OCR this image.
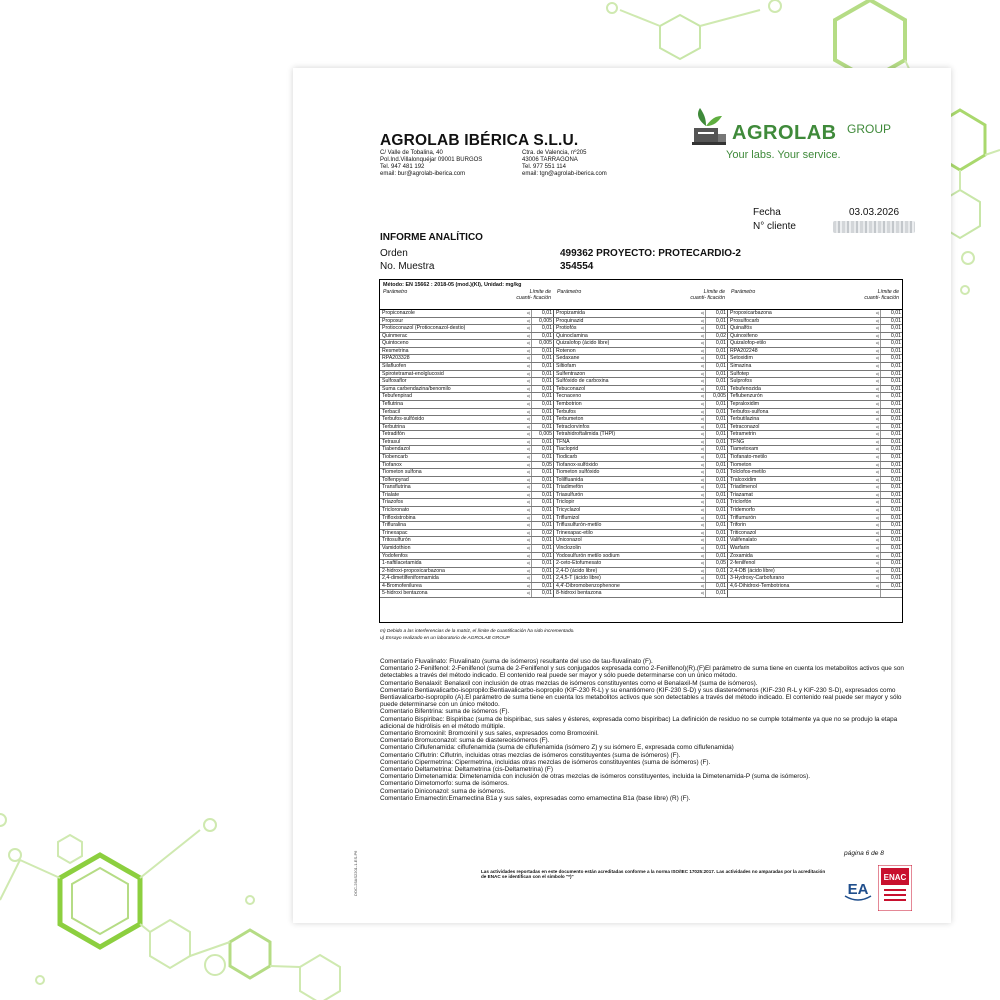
AGROLAB IBÉRICA S.L.U.
C/ Valle de Tobalina, 40
Pol.Ind.Villalonquéjar 09001 BURGOS
Tel. 947 481 192
email: bur@agrolab-iberica.com
Ctra. de Valencia, nº205
43006 TARRAGONA
Tel. 977 551 114
email: tgn@agrolab-iberica.com
AGROLAB GROUP
Your labs. Your service.
Fecha	03.03.2026
N° cliente
INFORME ANALÍTICO
Orden	499362 PROYECTO: PROTECARDIO-2
No. Muestra	354554
Método: EN 15662 : 2018-05 (mod.)(KI), Unidad: mg/kg
Parámetro	Límite de cuanti- ficación
Parámetro	Límite de cuanti- ficación
Parámetro	Límite de cuanti- ficación
Propiconazole	u)	0,01 Propizamida	u)	0,01 Propoxicarbazona	u)	0,01
Propoxur	u)	0,005 Proquinazid	u)	0,01 Prosulfocarb	u)	0,01
Protioconazol (Protioconazol-destio)	u)	0,01 Protiofós	u)	0,01 Quinalfós	u)	0,01
Quinmerac	u)	0,01 Quinoclamina	u)	0,02 Quinoxifeno	u)	0,01
Quintoceno	u)	0,005 Quizalofop (ácido libre)	u)	0,01 Quizalofop-etilo	u)	0,01
Resmetrina	u)	0,01 Rotenon	u)	0,01 RPA202248	u)	0,01
RPA203328	u)	0,01 Sedaxane	u)	0,01 Setoxidim	u)	0,01
Silafluofen	u)	0,01 Siltiofam	u)	0,01 Simazina	u)	0,01
Spirotetramat-enolglucosid	u)	0,01 Sulfentrazon	u)	0,01 Sulfotep	u)	0,01
Sulfoxaflor	u)	0,01 Sulfóxido de carboxina	u)	0,01 Sulprofos	u)	0,01
Suma carbendazina/benomilo	u)	0,01 Tebuconazol	u)	0,01 Tebufenozida	u)	0,01
Tebufenpirad	u)	0,01 Tecnaceno	u)	0,005 Teflubenzurón	u)	0,01
Teflutrina	u)	0,01 Tembotrion	u)	0,01 Tepraloxidim	u)	0,01
Terbacil	u)	0,01 Terbufos	u)	0,01 Terbufos-sulfona	u)	0,01
Terbufos-sulfóxido	u)	0,01 Terbumeton	u)	0,01 Terbutilazina	u)	0,01
Terbutrina	u)	0,01 Tetraclorvinfos	u)	0,01 Tetraconazol	u)	0,01
Tetradifón	u)	0,005 Tetrahidroftalimida (THPI)	u)	0,01 Tetrametrin	u)	0,01
Tetrasul	u)	0,01 TFNA	u)	0,01 TFNG	u)	0,01
Tiabendazol	u)	0,01 Tiacloprid	u)	0,01 Tiametoxam	u)	0,01
Tiobencarb	u)	0,01 Tiodicarb	u)	0,01 Tiofanato-metilo	u)	0,01
Tiofanox	u)	0,05 Tiofanox-sulfóxido	u)	0,01 Tiometon	u)	0,01
Tiometon sulfona	u)	0,01 Tiometon sulfóxido	u)	0,01 Tolclofos-metilo	u)	0,01
Tolfenpyrad	u)	0,01 Tolilfluanida	u)	0,01 Tralcoxidim	u)	0,01
Transflutrina	u)	0,01 Triadimefón	u)	0,01 Triadimenol	u)	0,01
Trialate	u)	0,01 Triasulfurón	u)	0,01 Triazamat	u)	0,01
Triazofos	u)	0,01 Triclopir	u)	0,01 Triclorfón	u)	0,01
Tricloronato	u)	0,01 Tricyclazol	u)	0,01 Tridemorfo	u)	0,01
Trifloxistrobina	u)	0,01 Triflumizol	u)	0,01 Triflumurón	u)	0,01
Trifluralina	u)	0,01 Triflusulfurón-metilo	u)	0,01 Triforin	u)	0,01
Trinexapac	u)	0,02 Trinexapac-etilo	u)	0,01 Triticonazol	u)	0,01
Tritosulfurón	u)	0,01 Uniconazol	u)	0,01 Valifenalato	u)	0,01
Vamidothion	u)	0,01 Vinclozolin	u)	0,01 Warfarin	u)	0,01
Yodofenfos	u)	0,01 Yodosulfurón metilo sodium	u)	0,01 Zoxamida	u)	0,01
1-naftilacetamida	u)	0,01 2-ceto-Etofumesato	u)	0,05 2-fenilfenol	u)	0,01
2-hidroxi-propoxicarbazona	u)	0,01 2,4-D (ácido libre)	u)	0,01 2,4-DB (ácido libre)	u)	0,01
2,4-dimetilfeniformamida	u)	0,01 2,4,5-T (ácido libre)	u)	0,01 3-Hydroxy-Carbofurano	u)	0,01
4-Bromofenilurea	u)	0,01 4,4'-Dibromobenzophenone	u)	0,01 4,6-Dihidroxi-Tembotriona	u)	0,01
5-hidroxi bentazona	u)	0,01 8-hidroxi bentazona	u)	0,01
m) Debido a las interferencias de la matriz, el límite de cuantificación ha sido incrementado.
u) Ensayo realizado en un laboratorio de AGROLAB GROUP
Comentario Fluvalinato: Fluvalinato (suma de isómeros) resultante del uso de tau-fluvalinato (F).
Comentario 2-Fenilfenol: 2-Fenilfenol (suma de 2-Fenilfenol y sus conjugados expresada como 2-Fenilfenol)(R).(F)El parámetro de suma tiene en cuenta los metabolitos activos que son detectables a través del método indicado. El contenido real puede ser mayor y sólo puede determinarse con un único método.
Comentario Benalaxil: Benalaxil con inclusión de otras mezclas de isómeros constituyentes como el Benalaxil-M (suma de isómeros).
Comentario Bentiavalicarbo-isopropilo:Bentiavalicarbo-isopropilo (KIF-230 R-L) y su enantiómero (KIF-230 S-D) y sus diastereómeros (KIF-230 R-L y KIF-230 S-D), expresados como Bentiavalicarbo-isopropilo (A).El parámetro de suma tiene en cuenta los metabolitos activos que son detectables a través del método indicado. El contenido real puede ser mayor y sólo puede determinarse con un único método.
Comentario Bifentrina: suma de isómeros (F).
Comentario Bispiribac: Bispiribac (suma de bispiribac, sus sales y ésteres, expresada como bispiribac) La definición de residuo no se cumple totalmente ya que no se produjo la etapa adicional de hidrólisis en el método múltiple.
Comentario Bromoxinil: Bromoxinil y sus sales, expresados como Bromoxinil.
Comentario Bromuconazol: suma de diastereoisómeros (F).
Comentario Ciflufenamida: ciflufenamida (suma de ciflufenamida (isómero Z) y su isómero E, expresada como ciflufenamida)
Comentario Ciflutrin: Ciflutrin, incluidas otras mezclas de isómeros constituyentes (suma de isómeros) (F).
Comentario Cipermetrina: Cipermetrina, incluidas otras mezclas de isómeros constituyentes (suma de isómeros) (F).
Comentario Deltametrina: Deltametrina (cis-Deltametrina) (F)
Comentario Dimetenamida: Dimetenamida con inclusión de otras mezclas de isómeros constituyentes, incluida la Dimetenamida-P (suma de isómeros).
Comentario Dimetomorfo: suma de isómeros.
Comentario Diniconazol: suma de isómeros.
Comentario Emamectin:Emamectina B1a y sus sales, expresadas como emamectina B1a (base libre) (R) (F).
página 6 de 8
Las actividades reportadas en este documento están acreditadas conforme a la norma ISO/IEC 17025:2017. Las actividades no amparadas por la acreditación de ENAC se identifican con el símbolo "*)"
DOC-25AS2201-1-ES-P6	EA
ENAC
